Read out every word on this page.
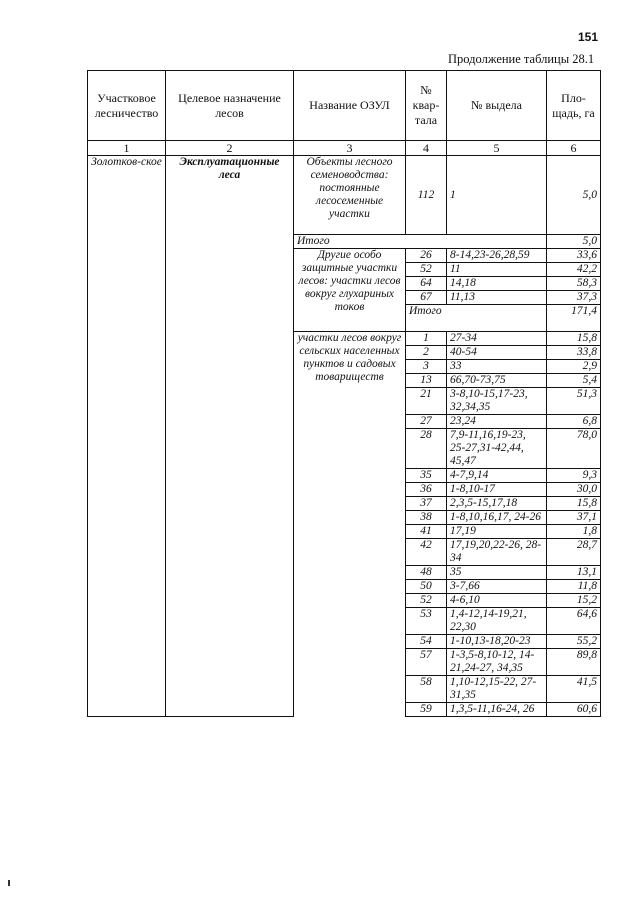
151
Продолжение таблицы 28.1
Участковое лесничество	Целевое назначение лесов	Название ОЗУЛ	№ квар-тала	№ выдела	Пло-щадь, га
1	2	3	4	5	6
Золотков-ское	Эксплуатационные леса	Объекты лесного семеноводства: постоянные лесосеменные участки	112	1	5,0
		Итого			5,0
		Другие особо защитные участки лесов: участки лесов вокруг глухариных токов	26	8-14,23-26,28,59	33,6
			52	11	42,2
			64	14,18	58,3
			67	11,13	37,3
			Итого		171,4
		участки лесов вокруг сельских населенных пунктов и садовых товариществ	1	27-34	15,8
			2	40-54	33,8
			3	33	2,9
			13	66,70-73,75	5,4
			21	3-8,10-15,17-23, 32,34,35	51,3
			27	23,24	6,8
			28	7,9-11,16,19-23, 25-27,31-42,44, 45,47	78,0
			35	4-7,9,14	9,3
			36	1-8,10-17	30,0
			37	2,3,5-15,17,18	15,8
			38	1-8,10,16,17, 24-26	37,1
			41	17,19	1,8
			42	17,19,20,22-26, 28-34	28,7
			48	35	13,1
			50	3-7,66	11,8
			52	4-6,10	15,2
			53	1,4-12,14-19,21, 22,30	64,6
			54	1-10,13-18,20-23	55,2
			57	1-3,5-8,10-12, 14-21,24-27, 34,35	89,8
			58	1,10-12,15-22, 27-31,35	41,5
			59	1,3,5-11,16-24, 26	60,6
